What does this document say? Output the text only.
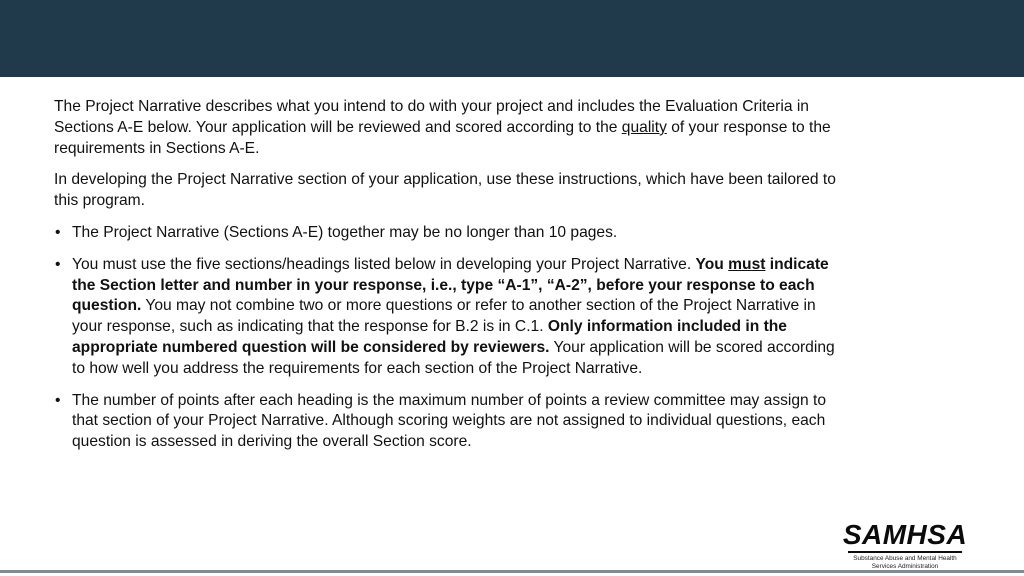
The Project Narrative describes what you intend to do with your project and includes the Evaluation Criteria in Sections A-E below. Your application will be reviewed and scored according to the quality of your response to the requirements in Sections A-E.

In developing the Project Narrative section of your application, use these instructions, which have been tailored to this program.

• The Project Narrative (Sections A-E) together may be no longer than 10 pages.
• You must use the five sections/headings listed below in developing your Project Narrative. You must indicate the Section letter and number in your response, i.e., type “A-1”, “A-2”, before your response to each question. You may not combine two or more questions or refer to another section of the Project Narrative in your response, such as indicating that the response for B.2 is in C.1. Only information included in the appropriate numbered question will be considered by reviewers. Your application will be scored according to how well you address the requirements for each section of the Project Narrative.
• The number of points after each heading is the maximum number of points a review committee may assign to that section of your Project Narrative. Although scoring weights are not assigned to individual questions, each question is assessed in deriving the overall Section score.
SAMHSA
Substance Abuse and Mental Health
Services Administration
